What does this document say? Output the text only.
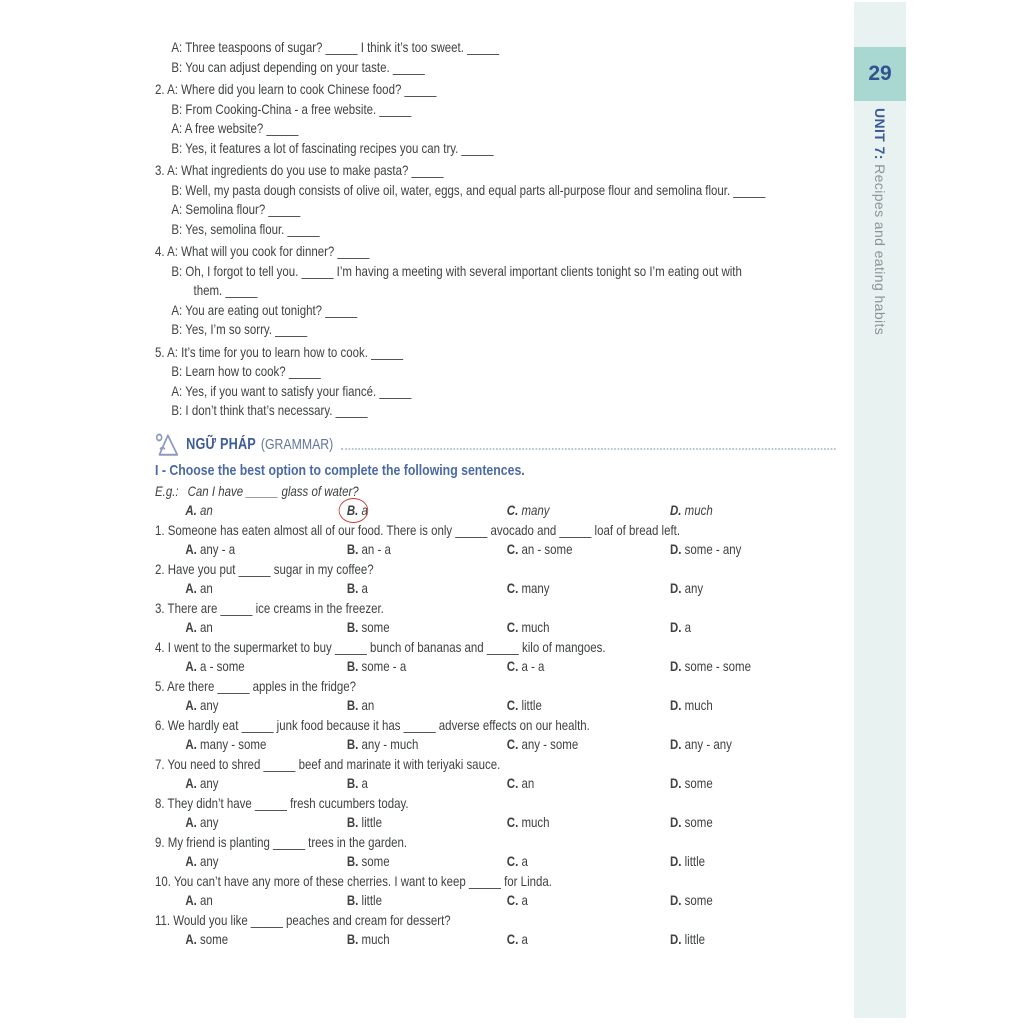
29
UNIT 7: Recipes and eating habits
A: Three teaspoons of sugar? _____ I think it’s too sweet. _____
B: You can adjust depending on your taste. _____
2. A: Where did you learn to cook Chinese food? _____
B: From Cooking-China - a free website. _____
A: A free website? _____
B: Yes, it features a lot of fascinating recipes you can try. _____
3. A: What ingredients do you use to make pasta? _____
B: Well, my pasta dough consists of olive oil, water, eggs, and equal parts all-purpose flour and semolina flour. _____
A: Semolina flour? _____
B: Yes, semolina flour. _____
4. A: What will you cook for dinner? _____
B: Oh, I forgot to tell you. _____ I’m having a meeting with several important clients tonight so I’m eating out with
them. _____
A: You are eating out tonight? _____
B: Yes, I’m so sorry. _____
5. A: It’s time for you to learn how to cook. _____
B: Learn how to cook? _____
A: Yes, if you want to satisfy your fiancé. _____
B: I don’t think that’s necessary. _____
NGỮ PHÁP (GRAMMAR)
I - Choose the best option to complete the following sentences.
E.g.: Can I have _____ glass of water?
A. an	B. a	C. many	D. much
1. Someone has eaten almost all of our food. There is only _____ avocado and _____ loaf of bread left.
A. any - a	B. an - a	C. an - some	D. some - any
2. Have you put _____ sugar in my coffee?
A. an	B. a	C. many	D. any
3. There are _____ ice creams in the freezer.
A. an	B. some	C. much	D. a
4. I went to the supermarket to buy _____ bunch of bananas and _____ kilo of mangoes.
A. a - some	B. some - a	C. a - a	D. some - some
5. Are there _____ apples in the fridge?
A. any	B. an	C. little	D. much
6. We hardly eat _____ junk food because it has _____ adverse effects on our health.
A. many - some	B. any - much	C. any - some	D. any - any
7. You need to shred _____ beef and marinate it with teriyaki sauce.
A. any	B. a	C. an	D. some
8. They didn’t have _____ fresh cucumbers today.
A. any	B. little	C. much	D. some
9. My friend is planting _____ trees in the garden.
A. any	B. some	C. a	D. little
10. You can’t have any more of these cherries. I want to keep _____ for Linda.
A. an	B. little	C. a	D. some
11. Would you like _____ peaches and cream for dessert?
A. some	B. much	C. a	D. little
